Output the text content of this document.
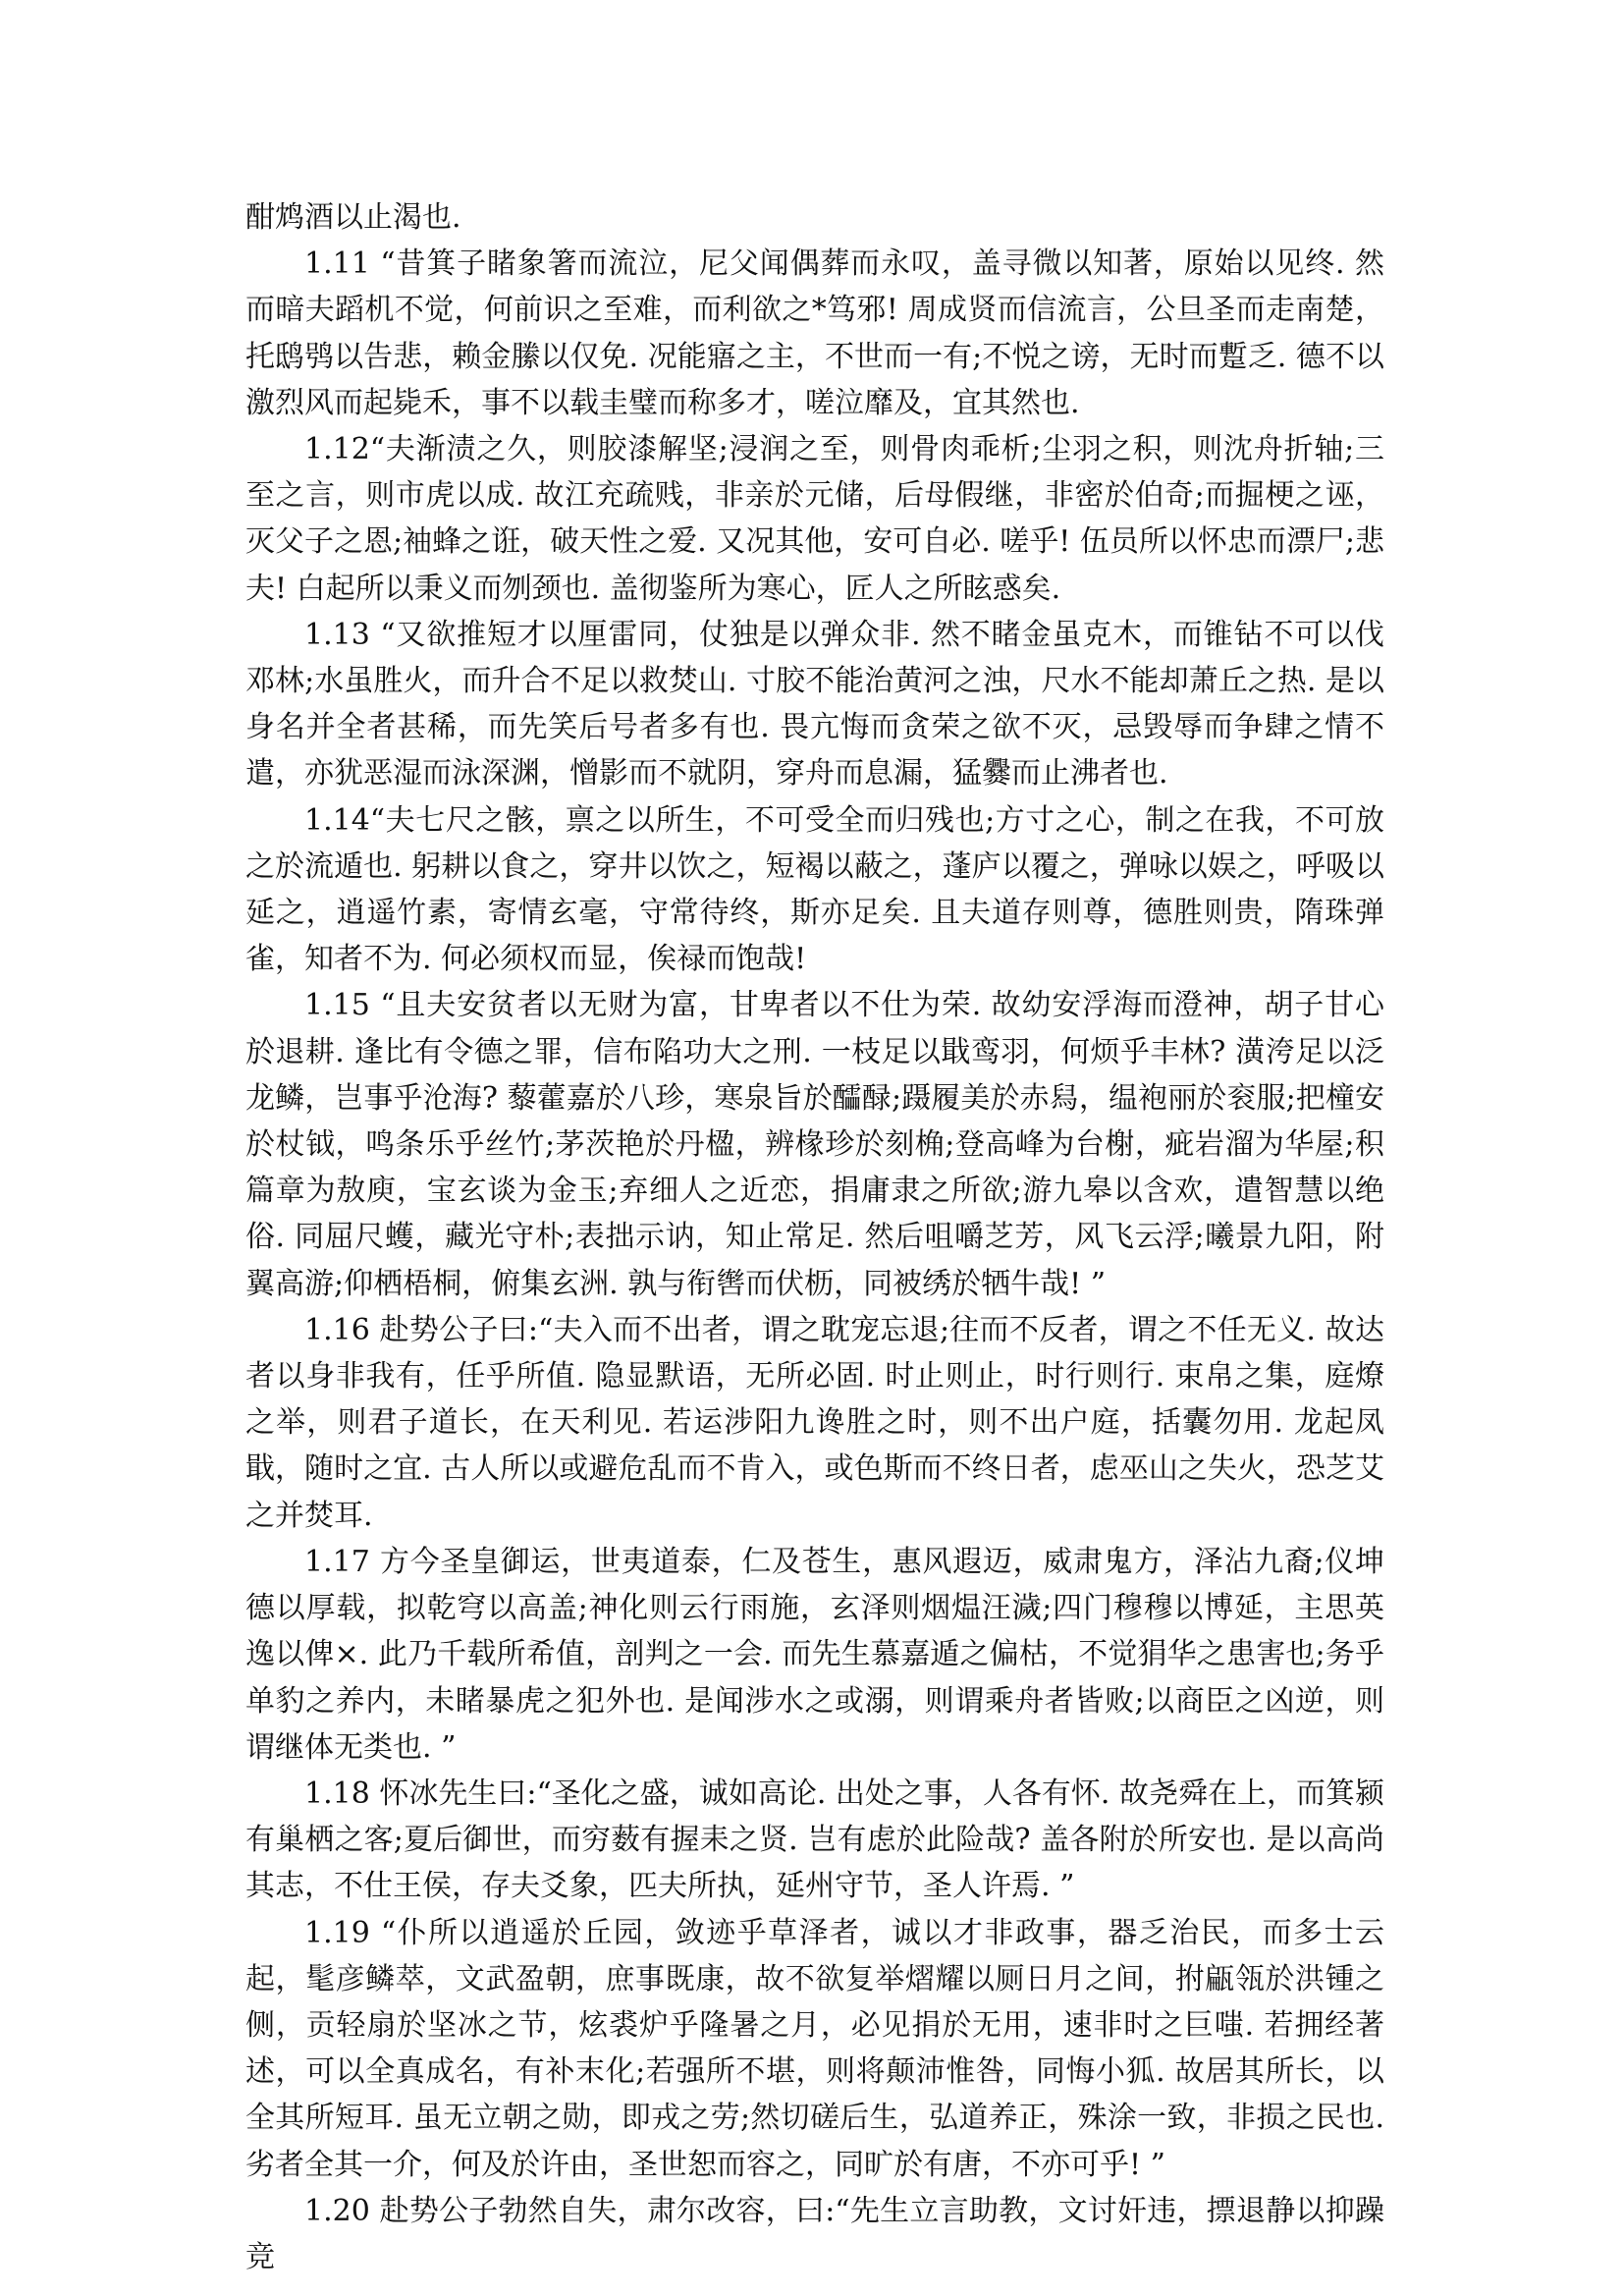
酣鸩酒以止渴也.

1.11 “昔箕子睹象箸而流泣，尼父闻偶葬而永叹，盖寻微以知著，原始以见终. 然而暗夫蹈机不觉，何前识之至难，而利欲之*笃邪! 周成贤而信流言，公旦圣而走南楚，托鸱鸮以告悲，赖金縢以仅免. 况能寤之主，不世而一有;不悦之谤，无时而蹔乏. 德不以激烈风而起毙禾，事不以载圭璧而称多才，嗟泣靡及，宜其然也.

1.12“夫渐渍之久，则胶漆解坚;浸润之至，则骨肉乖析;尘羽之积，则沈舟折轴;三至之言，则市虎以成. 故江充疏贱，非亲於元储，后母假继，非密於伯奇;而掘梗之诬，灭父子之恩;袖蜂之诳，破天性之爱. 又况其他，安可自必. 嗟乎! 伍员所以怀忠而漂尸;悲夫! 白起所以秉义而刎颈也. 盖彻鉴所为寒心，匠人之所眩惑矣.

1.13 “又欲推短才以厘雷同，仗独是以弹众非. 然不睹金虽克木，而锥钻不可以伐邓林;水虽胜火，而升合不足以救焚山. 寸胶不能治黄河之浊，尺水不能却萧丘之热. 是以身名并全者甚稀，而先笑后号者多有也. 畏亢悔而贪荣之欲不灭，忌毁辱而争肆之情不遣，亦犹恶湿而泳深渊，憎影而不就阴，穿舟而息漏，猛爨而止沸者也.

1.14“夫七尺之骸，禀之以所生，不可受全而归残也;方寸之心，制之在我，不可放之於流遁也. 躬耕以食之，穿井以饮之，短褐以蔽之，蓬庐以覆之，弹咏以娱之，呼吸以延之，逍遥竹素，寄情玄毫，守常待终，斯亦足矣. 且夫道存则尊，德胜则贵，隋珠弹雀，知者不为. 何必须权而显，俟禄而饱哉!

1.15 “且夫安贫者以无财为富，甘卑者以不仕为荣. 故幼安浮海而澄神，胡子甘心於退耕. 逢比有令德之罪，信布陷功大之刑. 一枝足以戢鸾羽，何烦乎丰林? 潢洿足以泛龙鳞，岂事乎沧海? 藜藿嘉於八珍，寒泉旨於醽醁;蹑履美於赤舄，缊袍丽於衮服;把橦安於杖钺，鸣条乐乎丝竹;茅茨艳於丹楹，辨椽珍於刻桷;登高峰为台榭，疵岩溜为华屋;积篇章为敖庾，宝玄谈为金玉;弃细人之近恋，捐庸隶之所欲;游九皋以含欢，遣智慧以绝俗. 同屈尺蠖，藏光守朴;表拙示讷，知止常足. 然后咀嚼芝芳，风飞云浮;曦景九阳，附翼高游;仰栖梧桐，俯集玄洲. 孰与衔辔而伏枥，同被绣於牺牛哉! ”

1.16 赴势公子曰:“夫入而不出者，谓之耽宠忘退;往而不反者，谓之不任无义. 故达者以身非我有，任乎所值. 隐显默语，无所必固. 时止则止，时行则行. 束帛之集，庭燎之举，则君子道长，在天利见. 若运涉阳九谗胜之时，则不出户庭，括囊勿用. 龙起凤戢，随时之宜. 古人所以或避危乱而不肯入，或色斯而不终日者，虑巫山之失火，恐芝艾之并焚耳.

1.17 方今圣皇御运，世夷道泰，仁及苍生，惠风遐迈，威肃鬼方，泽沾九裔;仪坤德以厚载，拟乾穹以高盖;神化则云行雨施，玄泽则烟煴汪濊;四门穆穆以博延，主思英逸以俾×. 此乃千载所希值，剖判之一会. 而先生慕嘉遁之偏枯，不觉狷华之患害也;务乎单豹之养内，未睹暴虎之犯外也. 是闻涉水之或溺，则谓乘舟者皆败;以商臣之凶逆，则谓继体无类也. ”

1.18 怀冰先生曰:“圣化之盛，诚如高论. 出处之事，人各有怀. 故尧舜在上，而箕颍有巢栖之客;夏后御世，而穷薮有握耒之贤. 岂有虑於此险哉? 盖各附於所安也. 是以高尚其志，不仕王侯，存夫爻象，匹夫所执，延州守节，圣人许焉. ”

1.19 “仆所以逍遥於丘园，敛迹乎草泽者，诚以才非政事，器乏治民，而多士云起，髦彦鳞萃，文武盈朝，庶事既康，故不欲复举熠耀以厕日月之间，拊甂瓴於洪锺之侧，贡轻扇於坚冰之节，炫裘炉乎隆暑之月，必见捐於无用，速非时之巨嗤. 若拥经著述，可以全真成名，有补末化;若强所不堪，则将颠沛惟咎，同悔小狐. 故居其所长，以全其所短耳. 虽无立朝之勋，即戎之劳;然切磋后生，弘道养正，殊涂一致，非损之民也. 劣者全其一介，何及於许由，圣世恕而容之，同旷於有唐，不亦可乎! ”

1.20 赴势公子勃然自失，肃尔改容，曰:“先生立言助教，文讨奸违，摽退静以抑躁竞
